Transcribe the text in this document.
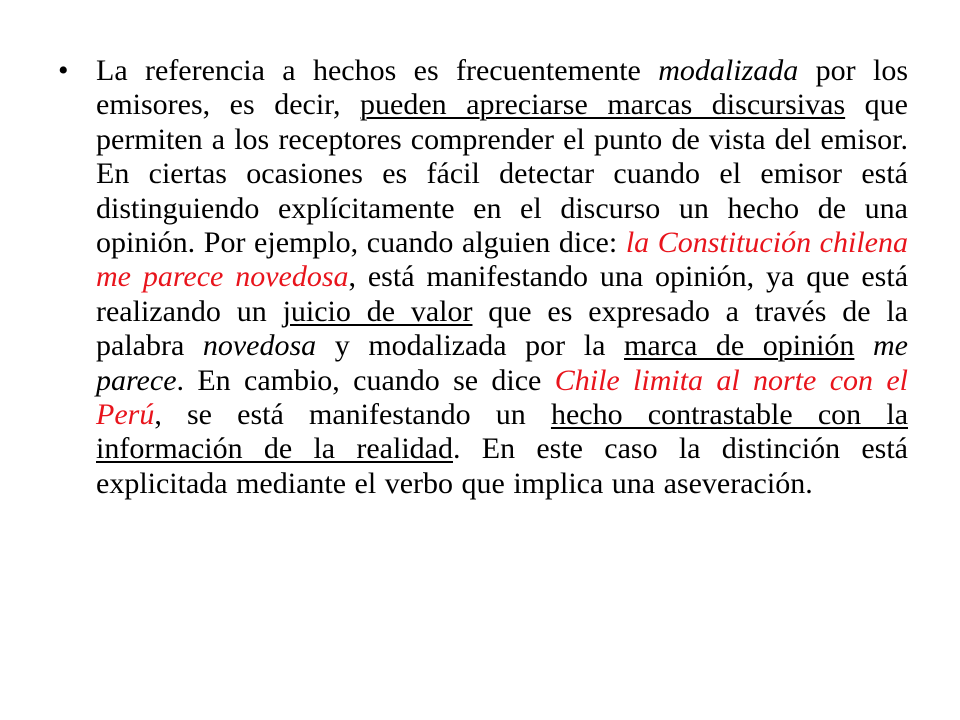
• La referencia a hechos es frecuentemente modalizada por los emisores, es decir, pueden apreciarse marcas discursivas que permiten a los receptores comprender el punto de vista del emisor. En ciertas ocasiones es fácil detectar cuando el emisor está distinguiendo explícitamente en el discurso un hecho de una opinión. Por ejemplo, cuando alguien dice: la Constitución chilena me parece novedosa, está manifestando una opinión, ya que está realizando un juicio de valor que es expresado a través de la palabra novedosa y modalizada por la marca de opinión me parece. En cambio, cuando se dice Chile limita al norte con el Perú, se está manifestando un hecho contrastable con la información de la realidad. En este caso la distinción está explicitada mediante el verbo que implica una aseveración.
